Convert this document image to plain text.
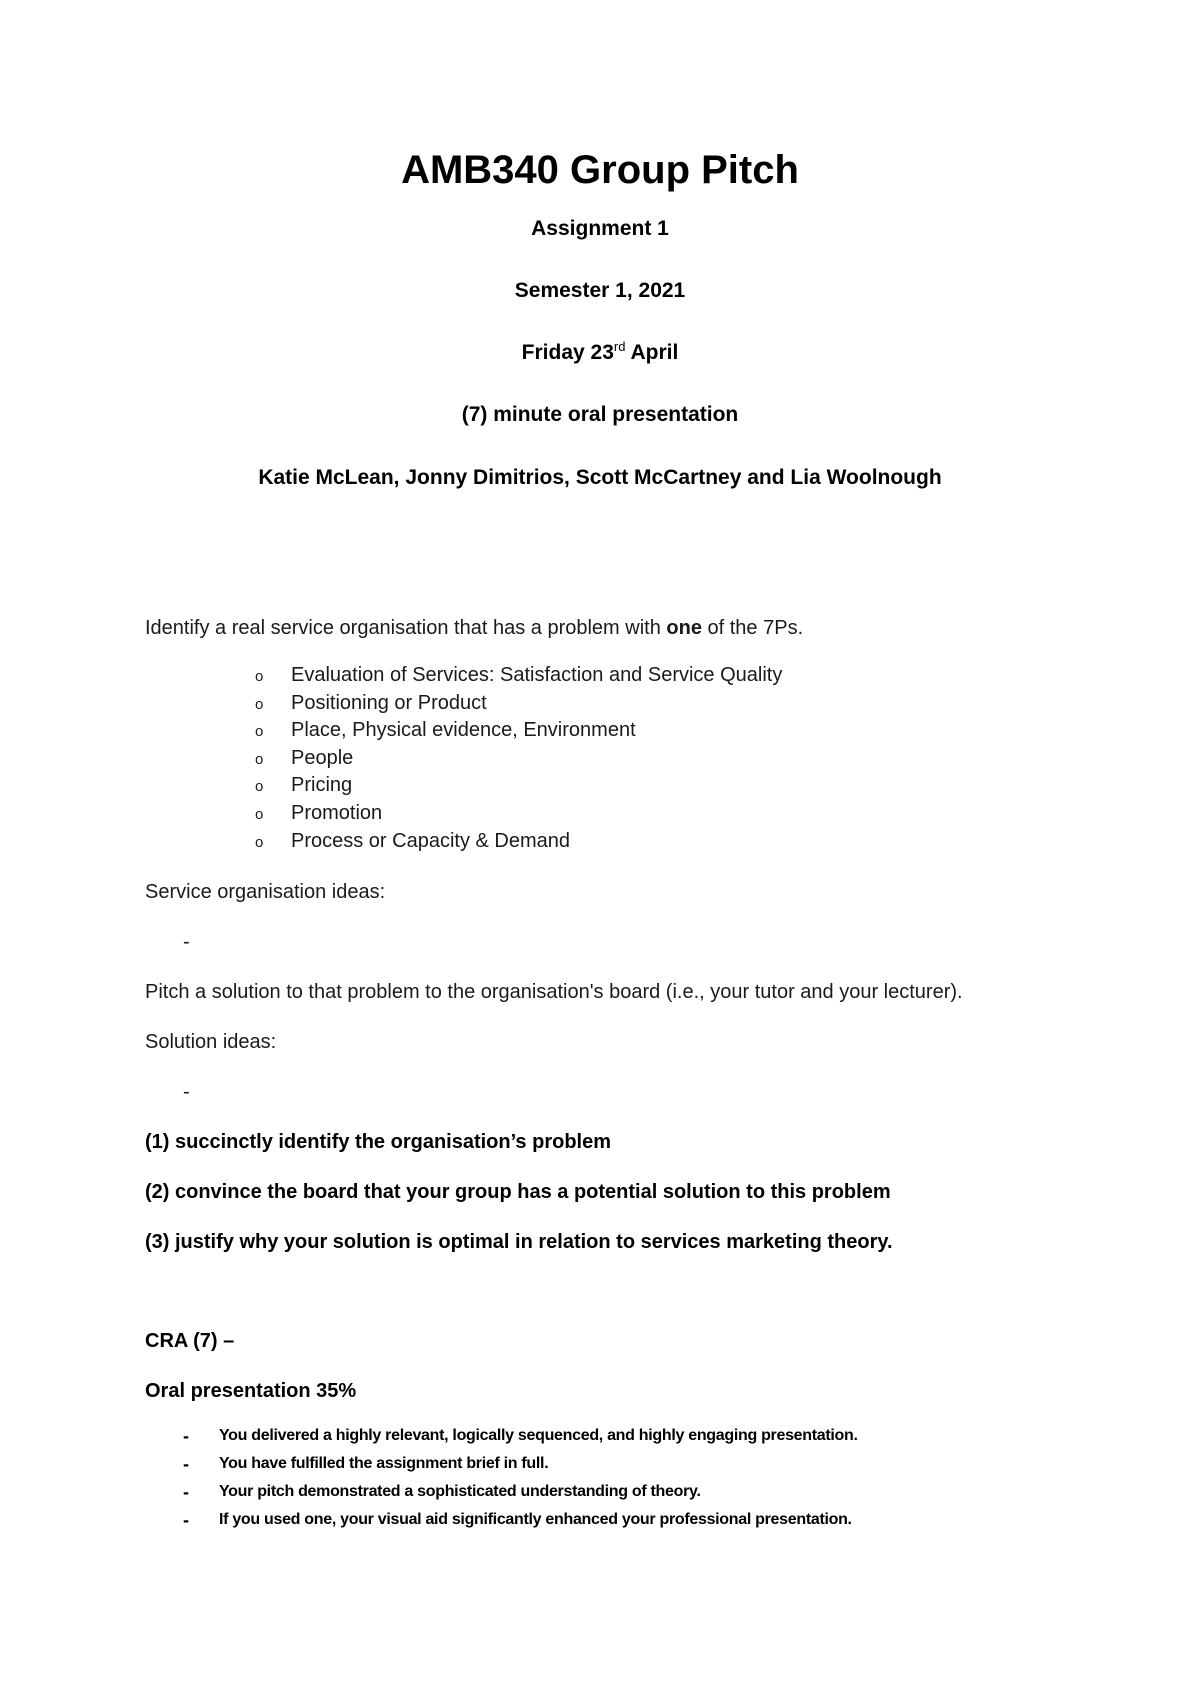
AMB340 Group Pitch

Assignment 1

Semester 1, 2021

Friday 23rd April

(7) minute oral presentation

Katie McLean, Jonny Dimitrios, Scott McCartney and Lia Woolnough

Identify a real service organisation that has a problem with one of the 7Ps.

o Evaluation of Services: Satisfaction and Service Quality
o Positioning or Product
o Place, Physical evidence, Environment
o People
o Pricing
o Promotion
o Process or Capacity & Demand

Service organisation ideas:

-

Pitch a solution to that problem to the organisation's board (i.e., your tutor and your lecturer).

Solution ideas:

-

(1) succinctly identify the organisation’s problem

(2) convince the board that your group has a potential solution to this problem

(3) justify why your solution is optimal in relation to services marketing theory.

CRA (7) –

Oral presentation 35%

- You delivered a highly relevant, logically sequenced, and highly engaging presentation.
- You have fulfilled the assignment brief in full.
- Your pitch demonstrated a sophisticated understanding of theory.
- If you used one, your visual aid significantly enhanced your professional presentation.
